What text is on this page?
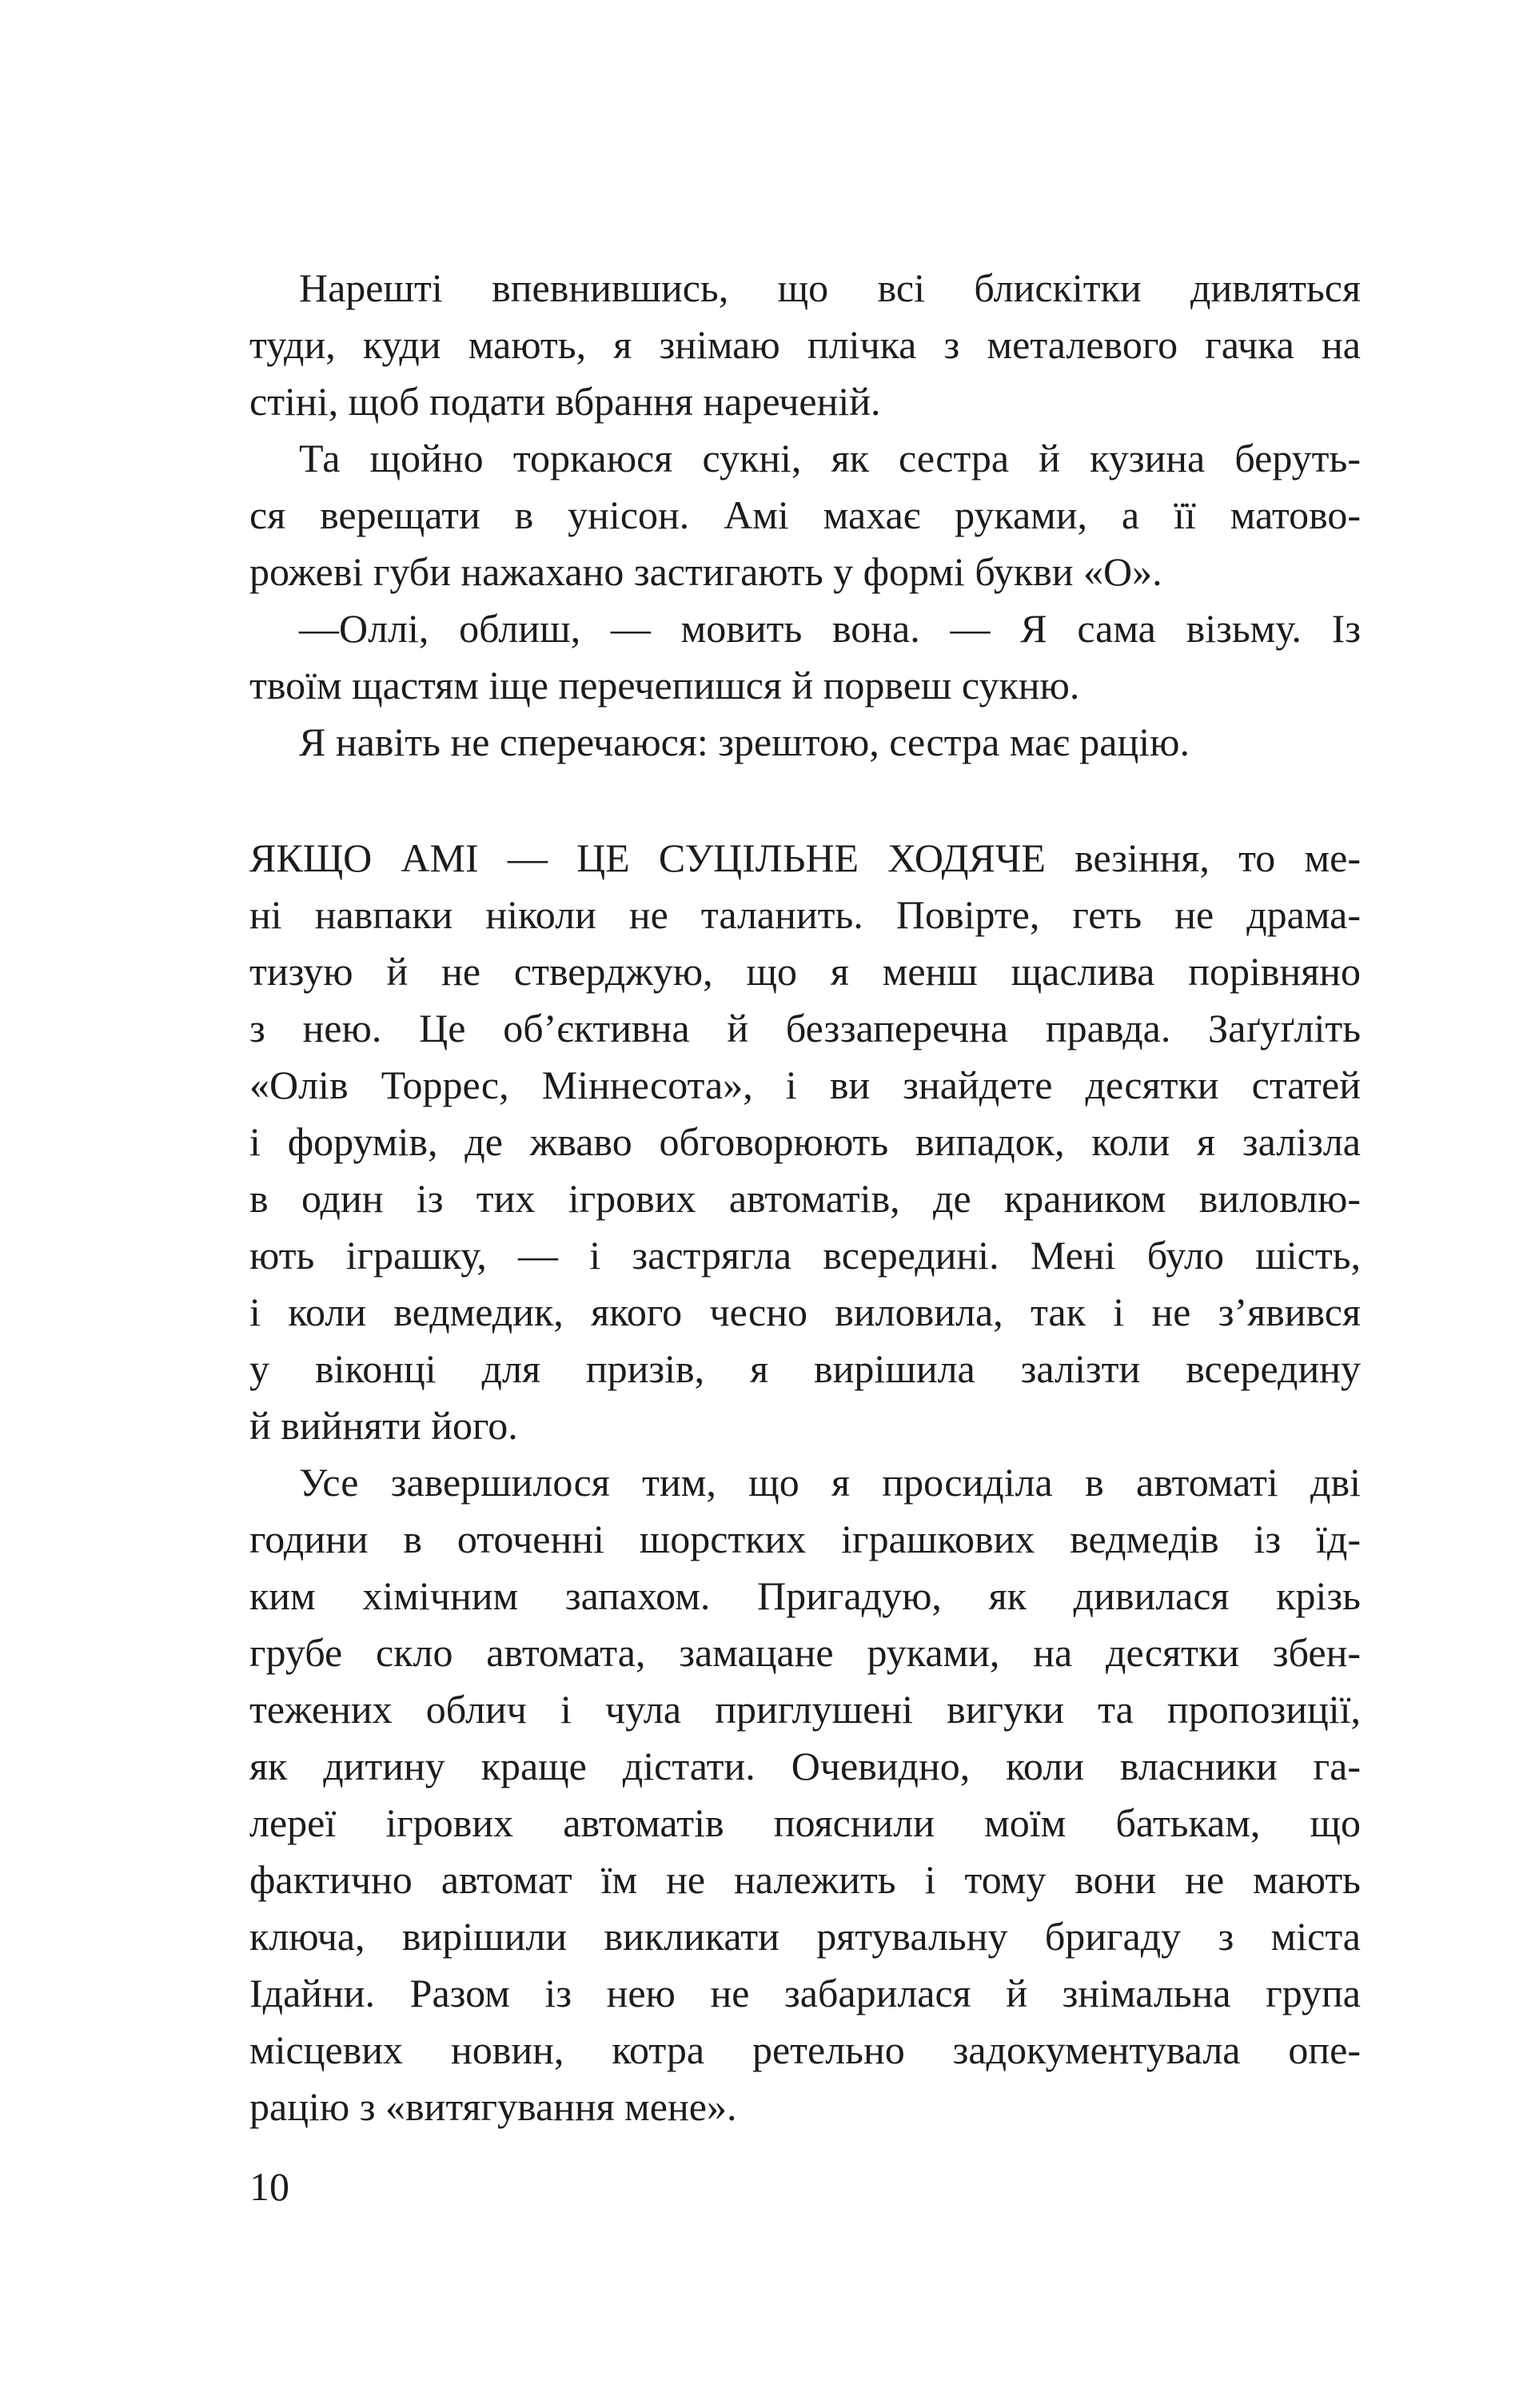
Нарешті впевнившись, що всі блискітки дивляться
туди, куди мають, я знімаю плічка з металевого гачка на
стіні, щоб подати вбрання нареченій.
Та щойно торкаюся сукні, як сестра й кузина беруть-
ся верещати в унісон. Амі махає руками, а її матово-
рожеві губи нажахано застигають у формі букви «О».
—Оллі, облиш, — мовить вона. — Я сама візьму. Із
твоїм щастям іще перечепишся й порвеш сукню.
Я навіть не сперечаюся: зрештою, сестра має рацію.
ЯКЩО АМІ — ЦЕ СУЦІЛЬНЕ ХОДЯЧЕ везіння, то ме-
ні навпаки ніколи не таланить. Повірте, геть не драма-
тизую й не стверджую, що я менш щаслива порівняно
з нею. Це об’єктивна й беззаперечна правда. Заґуґліть
«Олів Торрес, Міннесота», і ви знайдете десятки статей
і форумів, де жваво обговорюють випадок, коли я залізла
в один із тих ігрових автоматів, де краником виловлю-
ють іграшку, — і застрягла всередині. Мені було шість,
і коли ведмедик, якого чесно виловила, так і не з’явився
у віконці для призів, я вирішила залізти всередину
й вийняти його.
Усе завершилося тим, що я просиділа в автоматі дві
години в оточенні шорстких іграшкових ведмедів із їд-
ким хімічним запахом. Пригадую, як дивилася крізь
грубе скло автомата, замацане руками, на десятки збен-
тежених облич і чула приглушені вигуки та пропозиції,
як дитину краще дістати. Очевидно, коли власники га-
лереї ігрових автоматів пояснили моїм батькам, що
фактично автомат їм не належить і тому вони не мають
ключа, вирішили викликати рятувальну бригаду з міста
Ідайни. Разом із нею не забарилася й знімальна група
місцевих новин, котра ретельно задокументувала опе-
рацію з «витягування мене».
10
